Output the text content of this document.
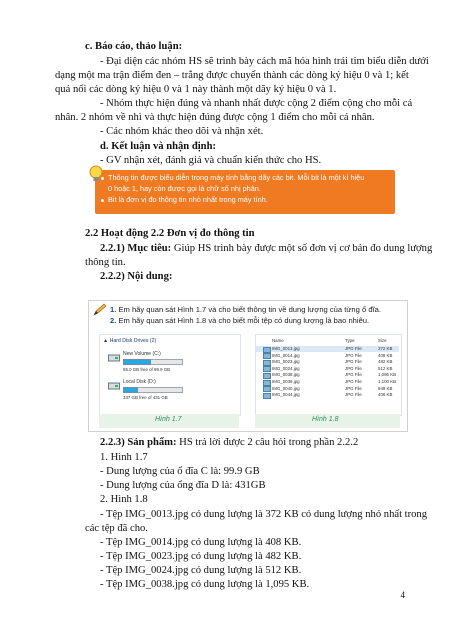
c. Báo cáo, thảo luận:

- Đại diện các nhóm HS sẽ trình bày cách mã hóa hình trái tim biểu diễn dưới

dạng một ma trận điểm đen – trắng được chuyển thành các dòng ký hiệu 0 và 1; kết

quả nối các dòng ký hiệu 0 và 1 này thành một dãy ký hiệu 0 và 1.

- Nhóm thực hiện đúng và nhanh nhất được cộng 2 điểm cộng cho mỗi cá

nhân. 2 nhóm về nhì và thực hiện đúng được cộng 1 điểm cho mỗi cá nhân.

- Các nhóm khác theo dõi và nhận xét.

d. Kết luận và nhận định:

- GV nhận xét, đánh giá và chuẩn kiến thức cho HS.

Thông tin được biểu diễn trong máy tính bằng dãy các bit. Mỗi bit là một kí hiệu
0 hoặc 1, hay còn được gọi là chữ số nhị phân.
Bit là đơn vị đo thông tin nhỏ nhất trong máy tính.

2.2 Hoạt động 2.2 Đơn vị đo thông tin

2.2.1) Mục tiêu: Giúp HS trình bày được một số đơn vị cơ bản đo dung lượng

thông tin.

2.2.2) Nội dung:

1. Em hãy quan sát Hình 1.7 và cho biết thông tin về dung lượng của từng ổ đĩa.
2. Em hãy quan sát Hình 1.8 và cho biết mỗi tệp có dung lượng là bao nhiêu.
▲ Hard Disk Drives (2)
New Volume (C:)
55.0 GB free of 99.9 GB
Local Disk (D:)
337 GB free of 431 GB
Name	Type	Size
IMG_0013.jpg	JPG File	372 KB
IMG_0014.jpg	JPG File	408 KB
IMG_0023.jpg	JPG File	482 KB
IMG_0024.jpg	JPG File	512 KB
IMG_0038.jpg	JPG File	1,095 KB
IMG_0039.jpg	JPG File	1,100 KB
IMG_0040.jpg	JPG File	949 KB
IMG_0044.jpg	JPG File	406 KB
Hình 1.7	Hình 1.8

2.2.3) Sản phẩm: HS trả lời được 2 câu hỏi trong phần 2.2.2

1. Hình 1.7

- Dung lượng của ổ đĩa C là: 99.9 GB

- Dung lượng của ổng đĩa D là: 431GB

2. Hình 1.8

- Tệp IMG_0013.jpg có dung lượng là 372 KB có dung lượng nhỏ nhất trong

các tệp đã cho.

- Tệp IMG_0014.jpg có dung lượng là 408 KB.

- Tệp IMG_0023.jpg có dung lượng là 482 KB.

- Tệp IMG_0024.jpg có dung lượng là 512 KB.

- Tệp IMG_0038.jpg có dung lượng là 1,095 KB.

4
